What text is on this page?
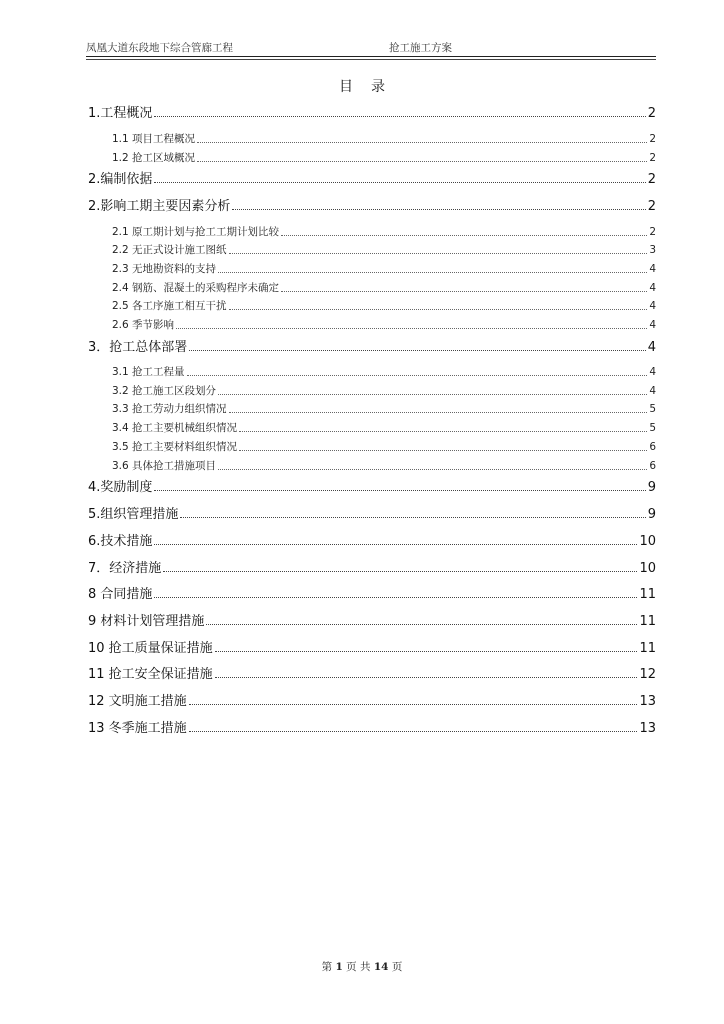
凤凰大道东段地下综合管廊工程	抢工施工方案
目 录
1.工程概况	2
1.1 项目工程概况	2
1.2 抢工区域概况	2
2.编制依据	2
2.影响工期主要因素分析	2
2.1 原工期计划与抢工工期计划比较	2
2.2 无正式设计施工图纸	3
2.3 无地勘资料的支持	4
2.4 钢筋、混凝土的采购程序未确定	4
2.5 各工序施工相互干扰	4
2.6 季节影响	4
3．抢工总体部署	4
3.1 抢工工程量	4
3.2 抢工施工区段划分	4
3.3 抢工劳动力组织情况	5
3.4 抢工主要机械组织情况	5
3.5 抢工主要材料组织情况	6
3.6 具体抢工措施项目	6
4.奖励制度	9
5.组织管理措施	9
6.技术措施	10
7．经济措施	10
8 合同措施	11
9 材料计划管理措施	11
10 抢工质量保证措施	11
11 抢工安全保证措施	12
12 文明施工措施	13
13 冬季施工措施	13
第 1 页 共 14 页
